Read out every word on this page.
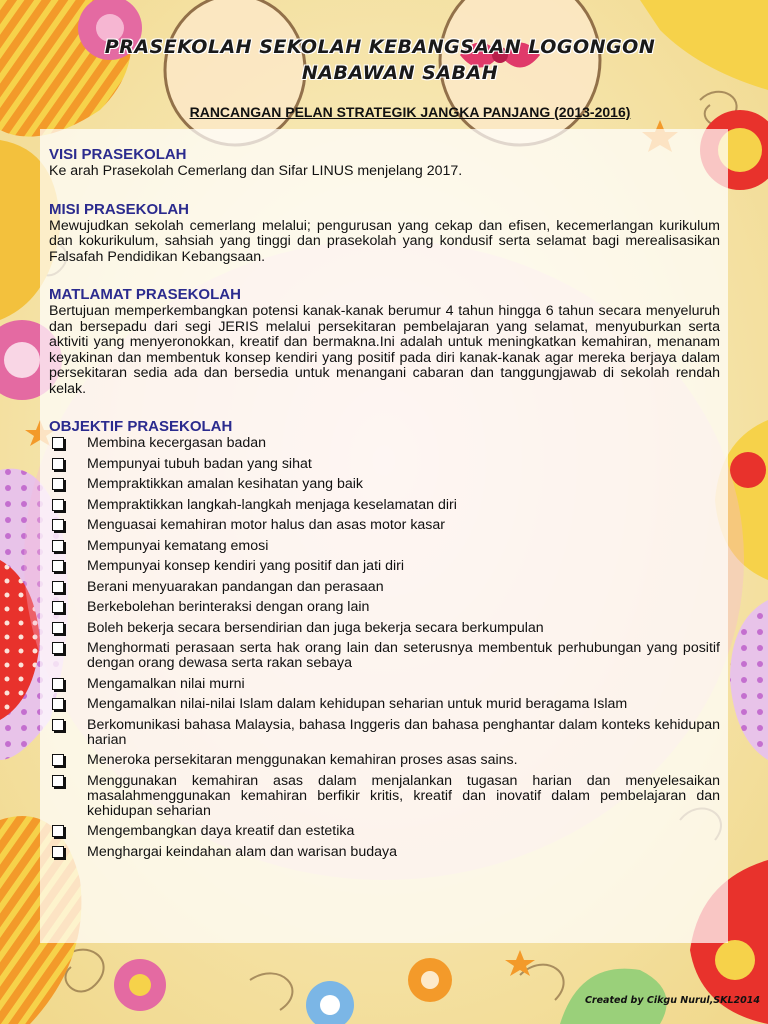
PRASEKOLAH SEKOLAH KEBANGSAAN LOGONGON
NABAWAN SABAH
RANCANGAN PELAN STRATEGIK JANGKA PANJANG (2013-2016)

VISI PRASEKOLAH

Ke arah Prasekolah Cemerlang dan Sifar LINUS menjelang 2017.

MISI PRASEKOLAH

Mewujudkan sekolah cemerlang melalui; pengurusan yang cekap dan efisen, kecemerlangan kurikulum dan kokurikulum, sahsiah yang tinggi dan prasekolah yang kondusif serta selamat bagi merealisasikan Falsafah Pendidikan Kebangsaan.

MATLAMAT PRASEKOLAH

Bertujuan memperkembangkan potensi kanak-kanak berumur 4 tahun hingga 6 tahun secara menyeluruh dan bersepadu dari segi JERIS melalui persekitaran pembelajaran yang selamat, menyuburkan serta aktiviti yang menyeronokkan, kreatif dan bermakna.Ini adalah untuk meningkatkan kemahiran, menanam keyakinan dan membentuk konsep kendiri yang positif pada diri kanak-kanak agar mereka berjaya dalam persekitaran sedia ada dan bersedia untuk menangani cabaran dan tanggungjawab di sekolah rendah kelak.

OBJEKTIF PRASEKOLAH

Membina kecergasan badan
Mempunyai tubuh badan yang sihat
Mempraktikkan amalan kesihatan yang baik
Mempraktikkan langkah-langkah menjaga keselamatan diri
Menguasai kemahiran motor halus dan asas motor kasar
Mempunyai kematang emosi
Mempunyai konsep kendiri yang positif dan jati diri
Berani menyuarakan pandangan dan perasaan
Berkebolehan berinteraksi dengan orang lain
Boleh bekerja secara bersendirian dan juga bekerja secara berkumpulan
Menghormati perasaan serta hak orang lain dan seterusnya membentuk perhubungan yang positif dengan orang dewasa serta rakan sebaya
Mengamalkan nilai murni
Mengamalkan nilai-nilai Islam dalam kehidupan seharian untuk murid beragama Islam
Berkomunikasi bahasa Malaysia, bahasa Inggeris dan bahasa penghantar dalam konteks kehidupan harian
Meneroka persekitaran menggunakan kemahiran proses asas sains.
Menggunakan kemahiran asas dalam menjalankan tugasan harian dan menyelesaikan masalahmenggunakan kemahiran berfikir kritis, kreatif dan inovatif dalam pembelajaran dan kehidupan seharian
Mengembangkan daya kreatif dan estetika
Menghargai keindahan alam dan warisan budaya
Created by Cikgu Nurul,SKL2014
